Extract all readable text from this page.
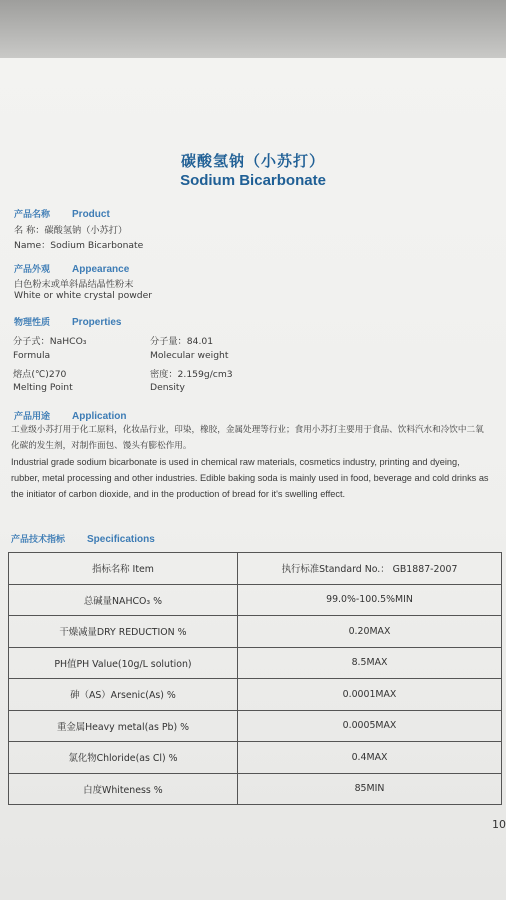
碳酸氢钠（小苏打）
Sodium Bicarbonate
产品名称 Product
名 称：碳酸氢钠（小苏打）
Name：Sodium Bicarbonate
产品外观 Appearance
白色粉末或单斜晶结晶性粉末
White or white crystal powder
物理性质 Properties
分子式：NaHCO₃	分子量：84.01
Formula	Molecular weight
熔点(℃)270	密度：2.159g/cm3
Melting Point	Density
产品用途 Application
工业级小苏打用于化工原料，化妆品行业，印染，橡胶，金属处理等行业；食用小苏打主要用于食品、饮料汽水和冷饮中二氧化碳的发生剂，对制作面包、馒头有膨松作用。
Industrial grade sodium bicarbonate is used in chemical raw materials, cosmetics industry, printing and dyeing, rubber, metal processing and other industries. Edible baking soda is mainly used in food, beverage and cold drinks as the initiator of carbon dioxide, and in the production of bread for it's swelling effect.
产品技术指标 Specifications
指标名称 Item	执行标准Standard No.： GB1887-2007
总碱量NAHCO₃ %	99.0%-100.5%MIN
干燥减量DRY REDUCTION %	0.20MAX
PH值PH Value(10g/L solution)	8.5MAX
砷（AS）Arsenic(As) %	0.0001MAX
重金属Heavy metal(as Pb) %	0.0005MAX
氯化物Chloride(as Cl) %	0.4MAX
白度Whiteness %	85MIN
10
